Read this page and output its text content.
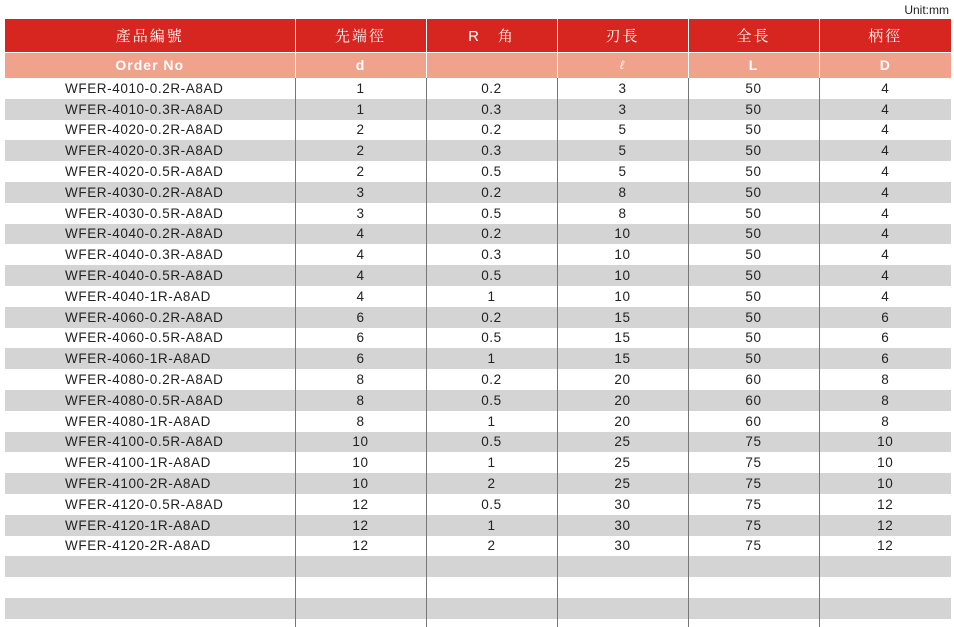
Unit:mm
產品編號	先端徑	R　角	刃長	全長	柄徑
Order No	d		ℓ	L	D
WFER-4010-0.2R-A8AD	1	0.2	3	50	4
WFER-4010-0.3R-A8AD	1	0.3	3	50	4
WFER-4020-0.2R-A8AD	2	0.2	5	50	4
WFER-4020-0.3R-A8AD	2	0.3	5	50	4
WFER-4020-0.5R-A8AD	2	0.5	5	50	4
WFER-4030-0.2R-A8AD	3	0.2	8	50	4
WFER-4030-0.5R-A8AD	3	0.5	8	50	4
WFER-4040-0.2R-A8AD	4	0.2	10	50	4
WFER-4040-0.3R-A8AD	4	0.3	10	50	4
WFER-4040-0.5R-A8AD	4	0.5	10	50	4
WFER-4040-1R-A8AD	4	1	10	50	4
WFER-4060-0.2R-A8AD	6	0.2	15	50	6
WFER-4060-0.5R-A8AD	6	0.5	15	50	6
WFER-4060-1R-A8AD	6	1	15	50	6
WFER-4080-0.2R-A8AD	8	0.2	20	60	8
WFER-4080-0.5R-A8AD	8	0.5	20	60	8
WFER-4080-1R-A8AD	8	1	20	60	8
WFER-4100-0.5R-A8AD	10	0.5	25	75	10
WFER-4100-1R-A8AD	10	1	25	75	10
WFER-4100-2R-A8AD	10	2	25	75	10
WFER-4120-0.5R-A8AD	12	0.5	30	75	12
WFER-4120-1R-A8AD	12	1	30	75	12
WFER-4120-2R-A8AD	12	2	30	75	12
